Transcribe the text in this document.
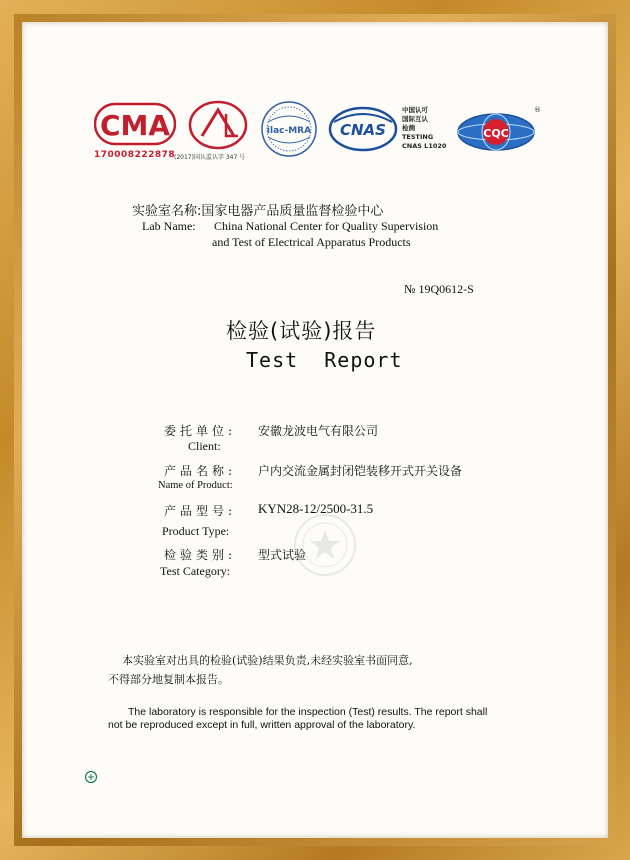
CMA
170008222878
(2017)国认监认字 347 号
ilac-MRA CNAS
中国认可
国际互认
检测
TESTING
CNAS L1020
CQC
®
实验室名称:国家电器产品质量监督检验中心
Lab Name: China National Center for Quality Supervision
and Test of Electrical Apparatus Products
№ 19Q0612-S
检验(试验)报告
Test  Report
委托单位: 安徽龙波电气有限公司
Client:
产品名称: 户内交流金属封闭铠装移开式开关设备
Name of Product:
产品型号: KYN28-12/2500-31.5
Product Type:
检验类别: 型式试验
Test Category:
本实验室对出具的检验(试验)结果负责,未经实验室书面同意,
不得部分地复制本报告。
The laboratory is responsible for the inspection (Test) results. The report shall
not be reproduced except in full, written approval of the laboratory.
